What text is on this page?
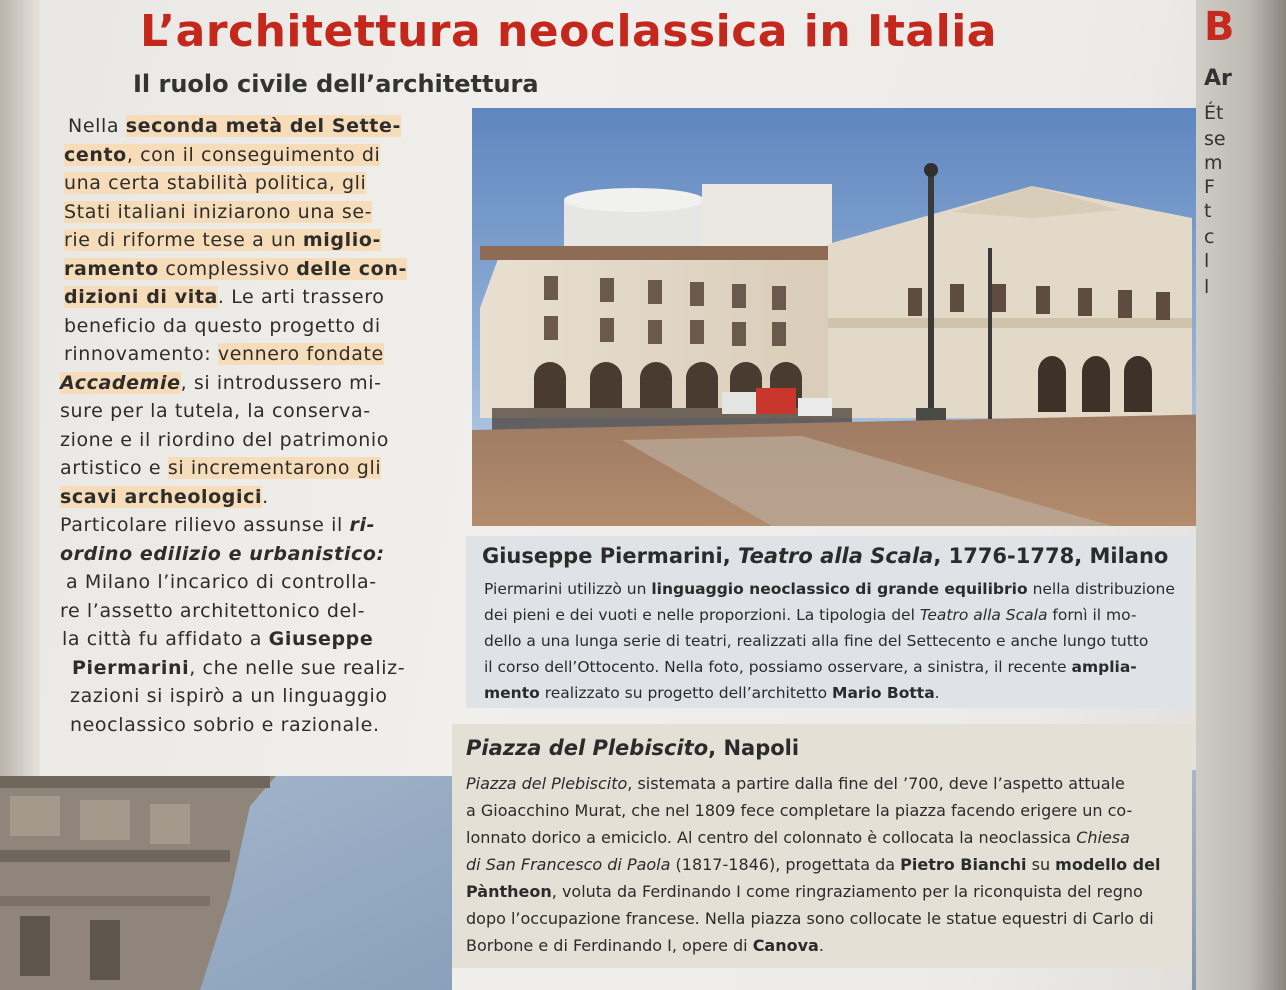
L’architettura neoclassica in Italia
Il ruolo civile dell’architettura
Nella seconda metà del Sette-
cento, con il conseguimento di
una certa stabilità politica, gli
Stati italiani iniziarono una se-
rie di riforme tese a un miglio-
ramento complessivo delle con-
dizioni di vita. Le arti trassero
beneficio da questo progetto di
rinnovamento: vennero fondate
Accademie, si introdussero mi-
sure per la tutela, la conserva-
zione e il riordino del patrimonio
artistico e si incrementarono gli
scavi archeologici.
Particolare rilievo assunse il ri-
ordino edilizio e urbanistico:
a Milano l’incarico di controlla-
re l’assetto architettonico del-
la città fu affidato a Giuseppe
Piermarini, che nelle sue realiz-
zazioni si ispirò a un linguaggio
neoclassico sobrio e razionale.
Giuseppe Piermarini, Teatro alla Scala, 1776-1778, Milano
Piermarini utilizzò un linguaggio neoclassico di grande equilibrio nella distribuzione
dei pieni e dei vuoti e nelle proporzioni. La tipologia del Teatro alla Scala fornì il mo-
dello a una lunga serie di teatri, realizzati alla fine del Settecento e anche lungo tutto
il corso dell’Ottocento. Nella foto, possiamo osservare, a sinistra, il recente amplia-
mento realizzato su progetto dell’architetto Mario Botta.
Piazza del Plebiscito, Napoli
Piazza del Plebiscito, sistemata a partire dalla fine del ’700, deve l’aspetto attuale
a Gioacchino Murat, che nel 1809 fece completare la piazza facendo erigere un co-
lonnato dorico a emiciclo. Al centro del colonnato è collocata la neoclassica Chiesa
di San Francesco di Paola (1817-1846), progettata da Pietro Bianchi su modello del
Pàntheon, voluta da Ferdinando I come ringraziamento per la riconquista del regno
dopo l’occupazione francese. Nella piazza sono collocate le statue equestri di Carlo di
Borbone e di Ferdinando I, opere di Canova.
B
Ar
Ét
se
m
F
t
c
l
l
